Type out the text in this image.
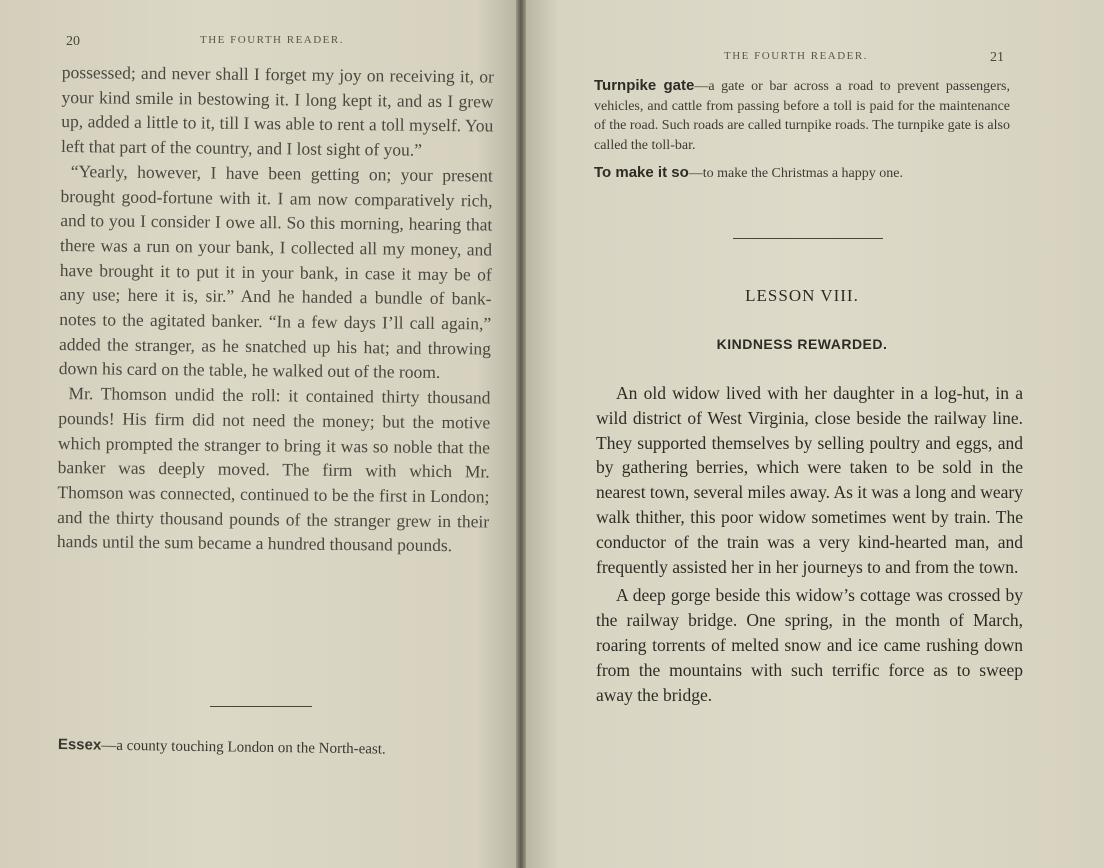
20	THE FOURTH READER.

possessed; and never shall I forget my joy on receiving it, or your kind smile in bestowing it. I long kept it, and as I grew up, added a little to it, till I was able to rent a toll myself. You left that part of the country, and I lost sight of you.”

“Yearly, however, I have been getting on; your present brought good-fortune with it. I am now comparatively rich, and to you I consider I owe all. So this morning, hearing that there was a run on your bank, I collected all my money, and have brought it to put it in your bank, in case it may be of any use; here it is, sir.” And he handed a bundle of bank-notes to the agitated banker. “In a few days I’ll call again,” added the stranger, as he snatched up his hat; and throwing down his card on the table, he walked out of the room.

Mr. Thomson undid the roll: it contained thirty thousand pounds! His firm did not need the money; but the motive which prompted the stranger to bring it was so noble that the banker was deeply moved. The firm with which Mr. Thomson was connected, continued to be the first in London; and the thirty thousand pounds of the stranger grew in their hands until the sum became a hundred thousand pounds.

Essex—a county touching London on the North-east.
THE FOURTH READER.	21

Turnpike gate—a gate or bar across a road to prevent passengers, vehicles, and cattle from passing before a toll is paid for the maintenance of the road. Such roads are called turnpike roads. The turnpike gate is also called the toll-bar.

To make it so—to make the Christmas a happy one.

LESSON VIII.
KINDNESS REWARDED.

An old widow lived with her daughter in a log-hut, in a wild district of West Virginia, close beside the railway line. They supported themselves by selling poultry and eggs, and by gathering berries, which were taken to be sold in the nearest town, several miles away. As it was a long and weary walk thither, this poor widow sometimes went by train. The conductor of the train was a very kind-hearted man, and frequently assisted her in her journeys to and from the town.

A deep gorge beside this widow’s cottage was crossed by the railway bridge. One spring, in the month of March, roaring torrents of melted snow and ice came rushing down from the mountains with such terrific force as to sweep away the bridge.
